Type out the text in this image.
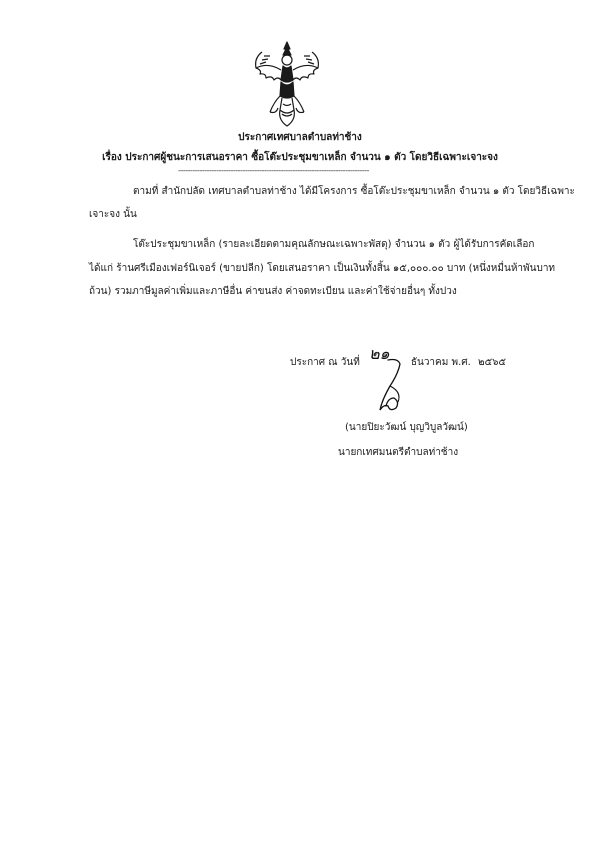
ประกาศเทศบาลตำบลท่าช้าง
เรื่อง ประกาศผู้ชนะการเสนอราคา ซื้อโต๊ะประชุมขาเหล็ก จำนวน ๑ ตัว โดยวิธีเฉพาะเจาะจง
--------------------------------------------------------------------------------
ตามที่ สำนักปลัด เทศบาลตำบลท่าช้าง ได้มีโครงการ ซื้อโต๊ะประชุมขาเหล็ก จำนวน ๑ ตัว โดยวิธีเฉพาะ
เจาะจง นั้น
โต๊ะประชุมขาเหล็ก (รายละเอียดตามคุณลักษณะเฉพาะพัสดุ) จำนวน ๑ ตัว ผู้ได้รับการคัดเลือก
ได้แก่ ร้านศรีเมืองเฟอร์นิเจอร์ (ขายปลีก) โดยเสนอราคา เป็นเงินทั้งสิ้น ๑๕,๐๐๐.๐๐ บาท (หนึ่งหมื่นห้าพันบาท
ถ้วน) รวมภาษีมูลค่าเพิ่มและภาษีอื่น ค่าขนส่ง ค่าจดทะเบียน และค่าใช้จ่ายอื่นๆ ทั้งปวง
ประกาศ ณ วันที่ ๒๑ ธันวาคม พ.ศ. ๒๕๖๕
(นายปิยะวัฒน์ บุญวิบูลวัฒน์)
นายกเทศมนตรีตำบลท่าช้าง
